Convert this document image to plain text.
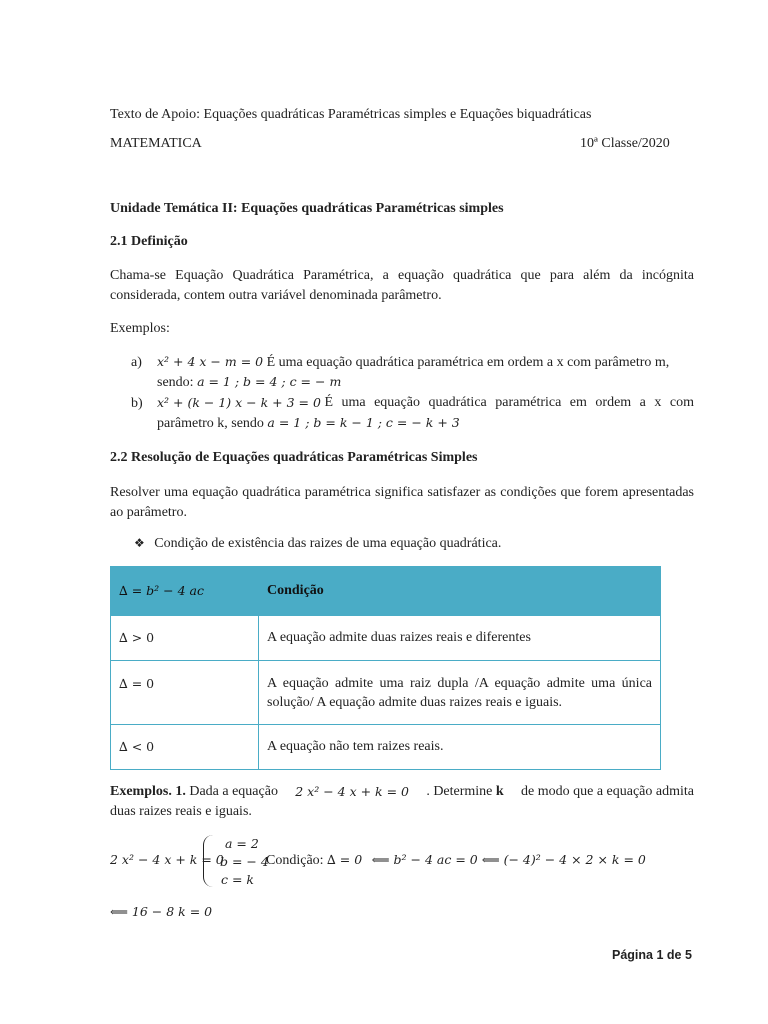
Texto de Apoio: Equações quadráticas Paramétricas simples e Equações biquadráticas
MATEMATICA	10ª Classe/2020
Unidade Temática II: Equações quadráticas Paramétricas simples
2.1 Definição
Chama-se Equação Quadrática Paramétrica, a equação quadrática que para além da incógnita considerada, contem outra variável denominada parâmetro.
Exemplos:
a) x² + 4 x − m = 0 É uma equação quadrática paramétrica em ordem a x com parâmetro m,
sendo: a = 1 ; b = 4 ; c = − m
b) x² + (k − 1) x − k + 3 = 0 É uma equação quadrática paramétrica em ordem a x com
parâmetro k, sendo a = 1 ; b = k − 1 ; c = − k + 3
2.2 Resolução de Equações quadráticas Paramétricas Simples
Resolver uma equação quadrática paramétrica significa satisfazer as condições que forem apresentadas ao parâmetro.
❖ Condição de existência das raizes de uma equação quadrática.
∆ = b² − 4 ac	Condição
∆ > 0	A equação admite duas raizes reais e diferentes
∆ = 0	A equação admite uma raiz dupla /A equação admite uma única solução/ A equação admite duas raizes reais e iguais.
∆ < 0	A equação não tem raizes reais.
Exemplos. 1. Dada a equação 2 x² − 4 x + k = 0 . Determine k de modo que a equação admita
duas raizes reais e iguais.
2 x² − 4 x + k = 0
a = 2
b = − 4
c = k
Condição: ∆ = 0 ⟸ b² − 4 ac = 0 ⟸ (− 4)² − 4 × 2 × k = 0
⟸ 16 − 8 k = 0
Página 1 de 5
